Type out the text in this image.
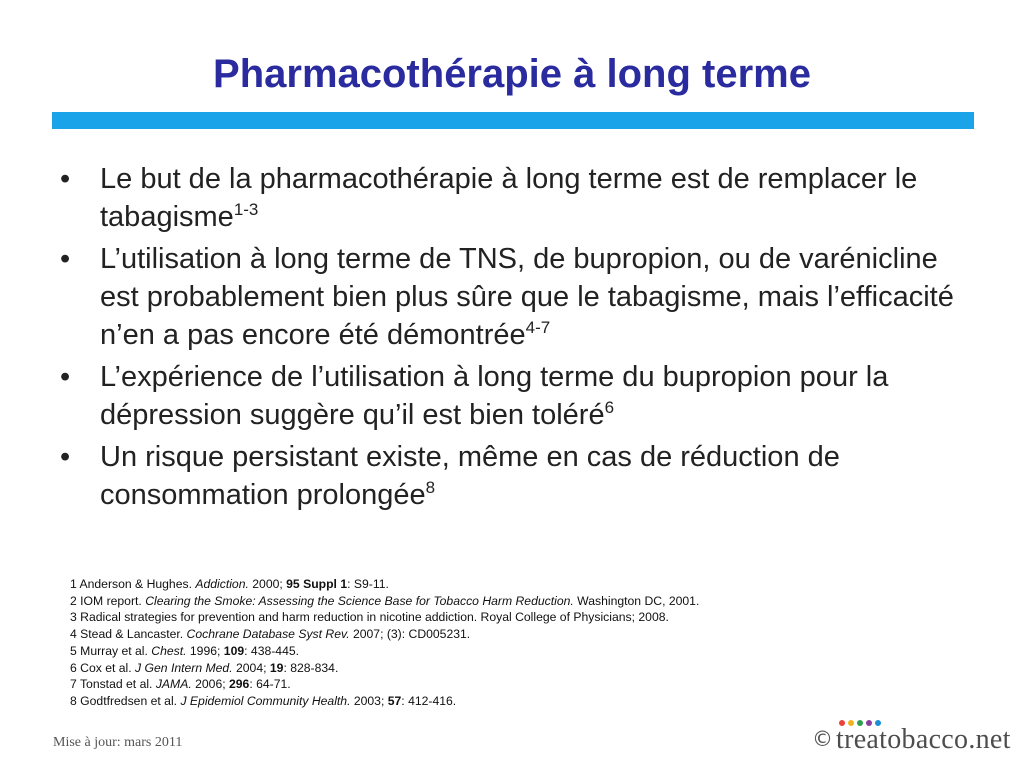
Pharmacothérapie à long terme
• Le but de la pharmacothérapie à long terme est de remplacer le tabagisme$^{1-3}$
• L’utilisation à long terme de TNS, de bupropion, ou de varénicline est probablement bien plus sûre que le tabagisme, mais l’efficacité n’en a pas encore été démontrée$^{4-7}$
• L’expérience de l’utilisation à long terme du bupropion pour la dépression suggère qu’il est bien toléré$^6$
• Un risque persistant existe, même en cas de réduction de consommation prolongée$^8$
1 Anderson & Hughes. Addiction. 2000; 95 Suppl 1: S9-11.
2 IOM report. Clearing the Smoke: Assessing the Science Base for Tobacco Harm Reduction. Washington DC, 2001.
3 Radical strategies for prevention and harm reduction in nicotine addiction. Royal College of Physicians; 2008.
4 Stead & Lancaster. Cochrane Database Syst Rev. 2007; (3): CD005231.
5 Murray et al. Chest. 1996; 109: 438-445.
6 Cox et al. J Gen Intern Med. 2004; 19: 828-834.
7 Tonstad et al. JAMA. 2006; 296: 64-71.
8 Godtfredsen et al. J Epidemiol Community Health. 2003; 57: 412-416.
Mise à jour: mars 2011	© treatobacco.net
